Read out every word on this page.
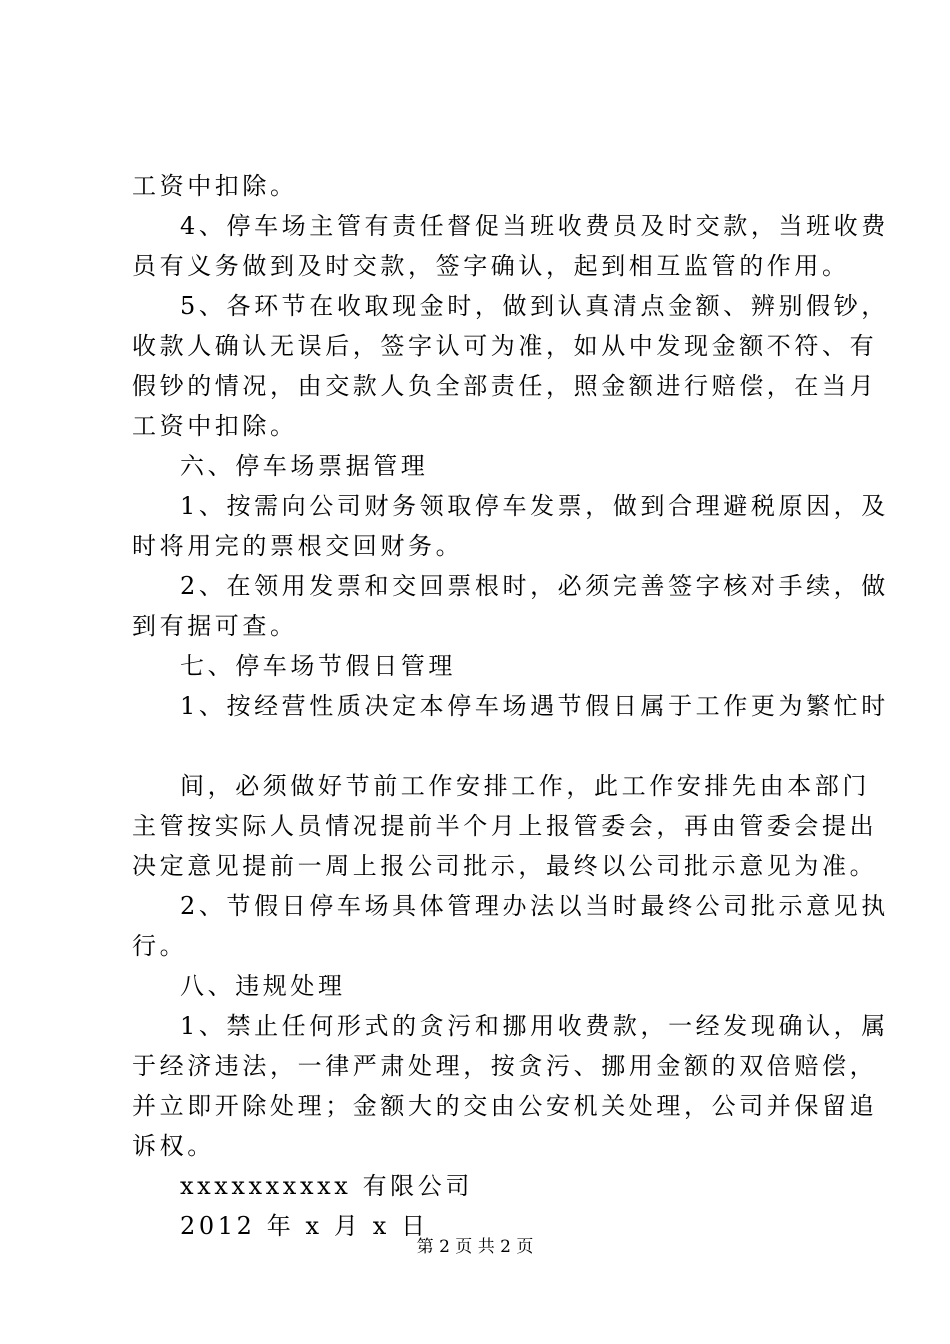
工资中扣除。
4、停车场主管有责任督促当班收费员及时交款，当班收费
员有义务做到及时交款，签字确认，起到相互监管的作用。
5、各环节在收取现金时，做到认真清点金额、辨别假钞，
收款人确认无误后，签字认可为准，如从中发现金额不符、有
假钞的情况，由交款人负全部责任，照金额进行赔偿，在当月
工资中扣除。
六、停车场票据管理
1、按需向公司财务领取停车发票，做到合理避税原因，及
时将用完的票根交回财务。
2、在领用发票和交回票根时，必须完善签字核对手续，做
到有据可查。
七、停车场节假日管理
1、按经营性质决定本停车场遇节假日属于工作更为繁忙时
间，必须做好节前工作安排工作，此工作安排先由本部门
主管按实际人员情况提前半个月上报管委会，再由管委会提出
决定意见提前一周上报公司批示，最终以公司批示意见为准。
2、节假日停车场具体管理办法以当时最终公司批示意见执
行。
八、违规处理
1、禁止任何形式的贪污和挪用收费款，一经发现确认，属
于经济违法，一律严肃处理，按贪污、挪用金额的双倍赔偿，
并立即开除处理；金额大的交由公安机关处理，公司并保留追
诉权。
xxxxxxxxxx 有限公司
2012 年 x 月 x 日
第 2 页 共 2 页
